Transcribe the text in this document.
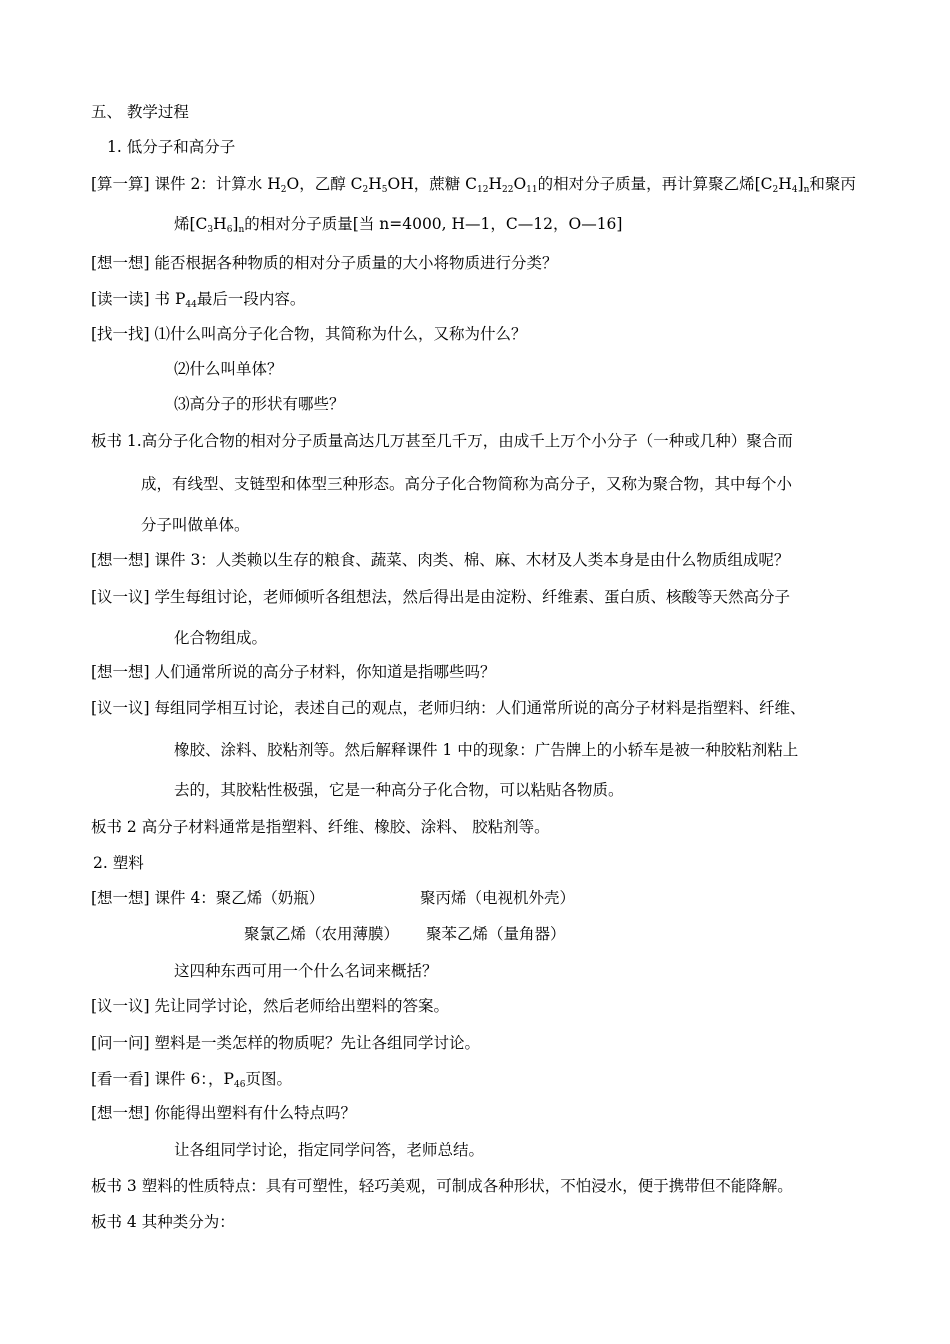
五、 教学过程
1. 低分子和高分子
[算一算] 课件 2：计算水 $H_2O$，乙醇 $C_2H_5OH$，蔗糖 $C_{12}H_{22}O_{11}$的相对分子质量，再计算聚乙烯$[C_2H_4]_n$和聚丙
烯$[C_3H_6]_n$的相对分子质量[当 n=4000, H—1，C—12，O—16]
[想一想] 能否根据各种物质的相对分子质量的大小将物质进行分类？
[读一读] 书 $P_{44}$最后一段内容。
[找一找] ⑴什么叫高分子化合物，其简称为什么，又称为什么？
⑵什么叫单体？
⑶高分子的形状有哪些？
板书 1.高分子化合物的相对分子质量高达几万甚至几千万，由成千上万个小分子（一种或几种）聚合而
成，有线型、支链型和体型三种形态。高分子化合物简称为高分子，又称为聚合物，其中每个小
分子叫做单体。
[想一想] 课件 3：人类赖以生存的粮食、蔬菜、肉类、棉、麻、木材及人类本身是由什么物质组成呢？
[议一议] 学生每组讨论，老师倾听各组想法，然后得出是由淀粉、纤维素、蛋白质、核酸等天然高分子
化合物组成。
[想一想] 人们通常所说的高分子材料，你知道是指哪些吗？
[议一议] 每组同学相互讨论，表述自己的观点，老师归纳：人们通常所说的高分子材料是指塑料、纤维、
橡胶、涂料、胶粘剂等。然后解释课件 1 中的现象：广告牌上的小轿车是被一种胶粘剂粘上
去的，其胶粘性极强，它是一种高分子化合物，可以粘贴各物质。
板书 2 高分子材料通常是指塑料、纤维、橡胶、涂料、 胶粘剂等。
2. 塑料
[想一想] 课件 4：聚乙烯（奶瓶）	聚丙烯（电视机外壳）
聚氯乙烯（农用薄膜） 聚苯乙烯（量角器）
这四种东西可用一个什么名词来概括？
[议一议] 先让同学讨论，然后老师给出塑料的答案。
[问一问] 塑料是一类怎样的物质呢？先让各组同学讨论。
[看一看] 课件 6：，$P_{46}$页图。
[想一想] 你能得出塑料有什么特点吗？
让各组同学讨论，指定同学问答，老师总结。
板书 3 塑料的性质特点：具有可塑性，轻巧美观，可制成各种形状，不怕浸水，便于携带但不能降解。
板书 4 其种类分为：
